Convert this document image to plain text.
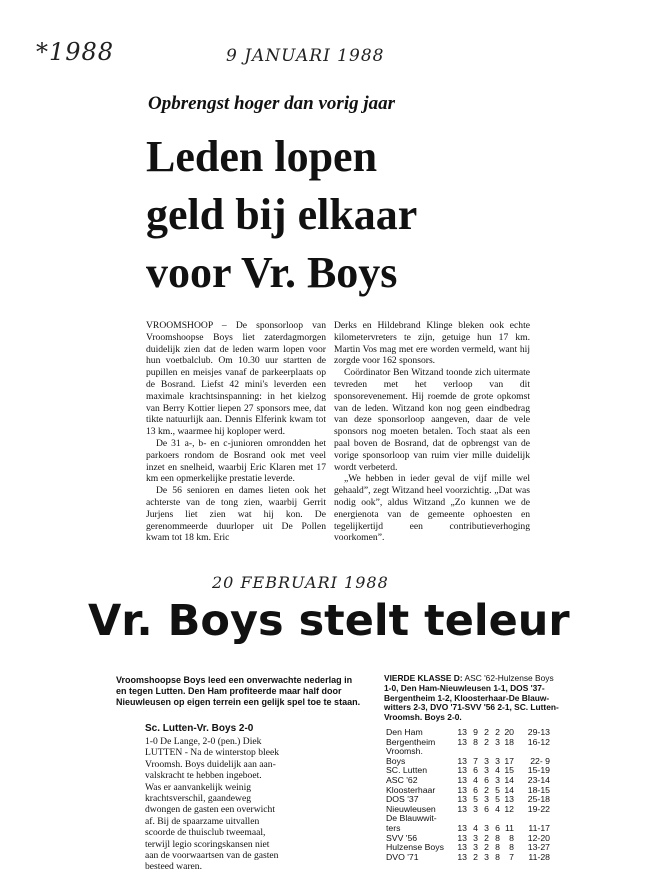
*1988	9 JANUARI 1988
Opbrengst hoger dan vorig jaar
Leden lopen
geld bij elkaar
voor Vr. Boys

VROOMSHOOP – De sponsorloop van Vroomshoopse Boys liet zaterdagmorgen duidelijk zien dat de leden warm lopen voor hun voetbalclub. Om 10.30 uur startten de pupillen en meisjes vanaf de parkeerplaats op de Bosrand. Liefst 42 mini's leverden een maximale krachtsinspanning: in het kielzog van Berry Kottier liepen 27 sponsors mee, dat tikte natuurlijk aan. Dennis Elferink kwam tot 13 km., waarmee hij koploper werd.

De 31 a-, b- en c-junioren omrondden het parkoers rondom de Bosrand ook met veel inzet en snelheid, waarbij Eric Klaren met 17 km een opmerkelijke prestatie leverde.

De 56 senioren en dames lieten ook het achterste van de tong zien, waarbij Gerrit Jurjens liet zien wat hij kon. De gerenommeerde duurloper uit De Pollen kwam tot 18 km. Eric

Derks en Hildebrand Klinge bleken ook echte kilometervreters te zijn, getuige hun 17 km. Martin Vos mag met ere worden vermeld, want hij zorgde voor 162 sponsors.

Coördinator Ben Witzand toonde zich uitermate tevreden met het verloop van dit sponsorevenement. Hij roemde de grote opkomst van de leden. Witzand kon nog geen eindbedrag van deze sponsorloop aangeven, daar de vele sponsors nog moeten betalen. Toch staat als een paal boven de Bosrand, dat de opbrengst van de vorige sponsorloop van ruim vier mille duidelijk wordt verbeterd.

„We hebben in ieder geval de vijf mille wel gehaald”, zegt Witzand heel voorzichtig. „Dat was nodig ook”, aldus Witzand „Zo kunnen we de energienota van de gemeente ophoesten en tegelijkertijd een contributieverhoging voorkomen”.

20 FEBRUARI 1988
Vr. Boys stelt teleur
Vroomshoopse Boys leed een onverwachte nederlag in
en tegen Lutten. Den Ham profiteerde maar half door
Nieuwleusen op eigen terrein een gelijk spel toe te staan.
Sc. Lutten-Vr. Boys 2-0
1-0 De Lange, 2-0 (pen.) Diek
LUTTEN - Na de winterstop bleek
Vroomsh. Boys duidelijk aan aan-
valskracht te hebben ingeboet.
Was er aanvankelijk weinig
krachtsverschil, gaandeweg
dwongen de gasten een overwicht
af. Bij de spaarzame uitvallen
scoorde de thuisclub tweemaal,
terwijl legio scoringskansen niet
aan de voorwaartsen van de gasten
besteed waren.
VIERDE KLASSE D: ASC '62-Hulzense Boys
1-0, Den Ham-Nieuwleusen 1-1, DOS '37-
Bergentheim 1-2, Kloosterhaar-De Blauw-
witters 2-3, DVO '71-SVV '56 2-1, SC. Lutten-
Vroomsh. Boys 2-0.
Den Ham	13 9 2 2 20	29-13
Bergentheim	13 8 2 3 18	16-12
Vroomsh.
Boys	13 7 3 3 17	22- 9
SC. Lutten	13 6 3 4 15	15-19
ASC '62	13 4 6 3 14	23-14
Kloosterhaar	13 6 2 5 14	18-15
DOS '37	13 5 3 5 13	25-18
Nieuwleusen	13 3 6 4 12	19-22
De Blauwwit-
ters	13 4 3 6 11	11-17
SVV '56	13 3 2 8	8	12-20
Hulzense Boys	13 3 2 8	8	13-27
DVO '71	13 2 3 8	7	11-28
